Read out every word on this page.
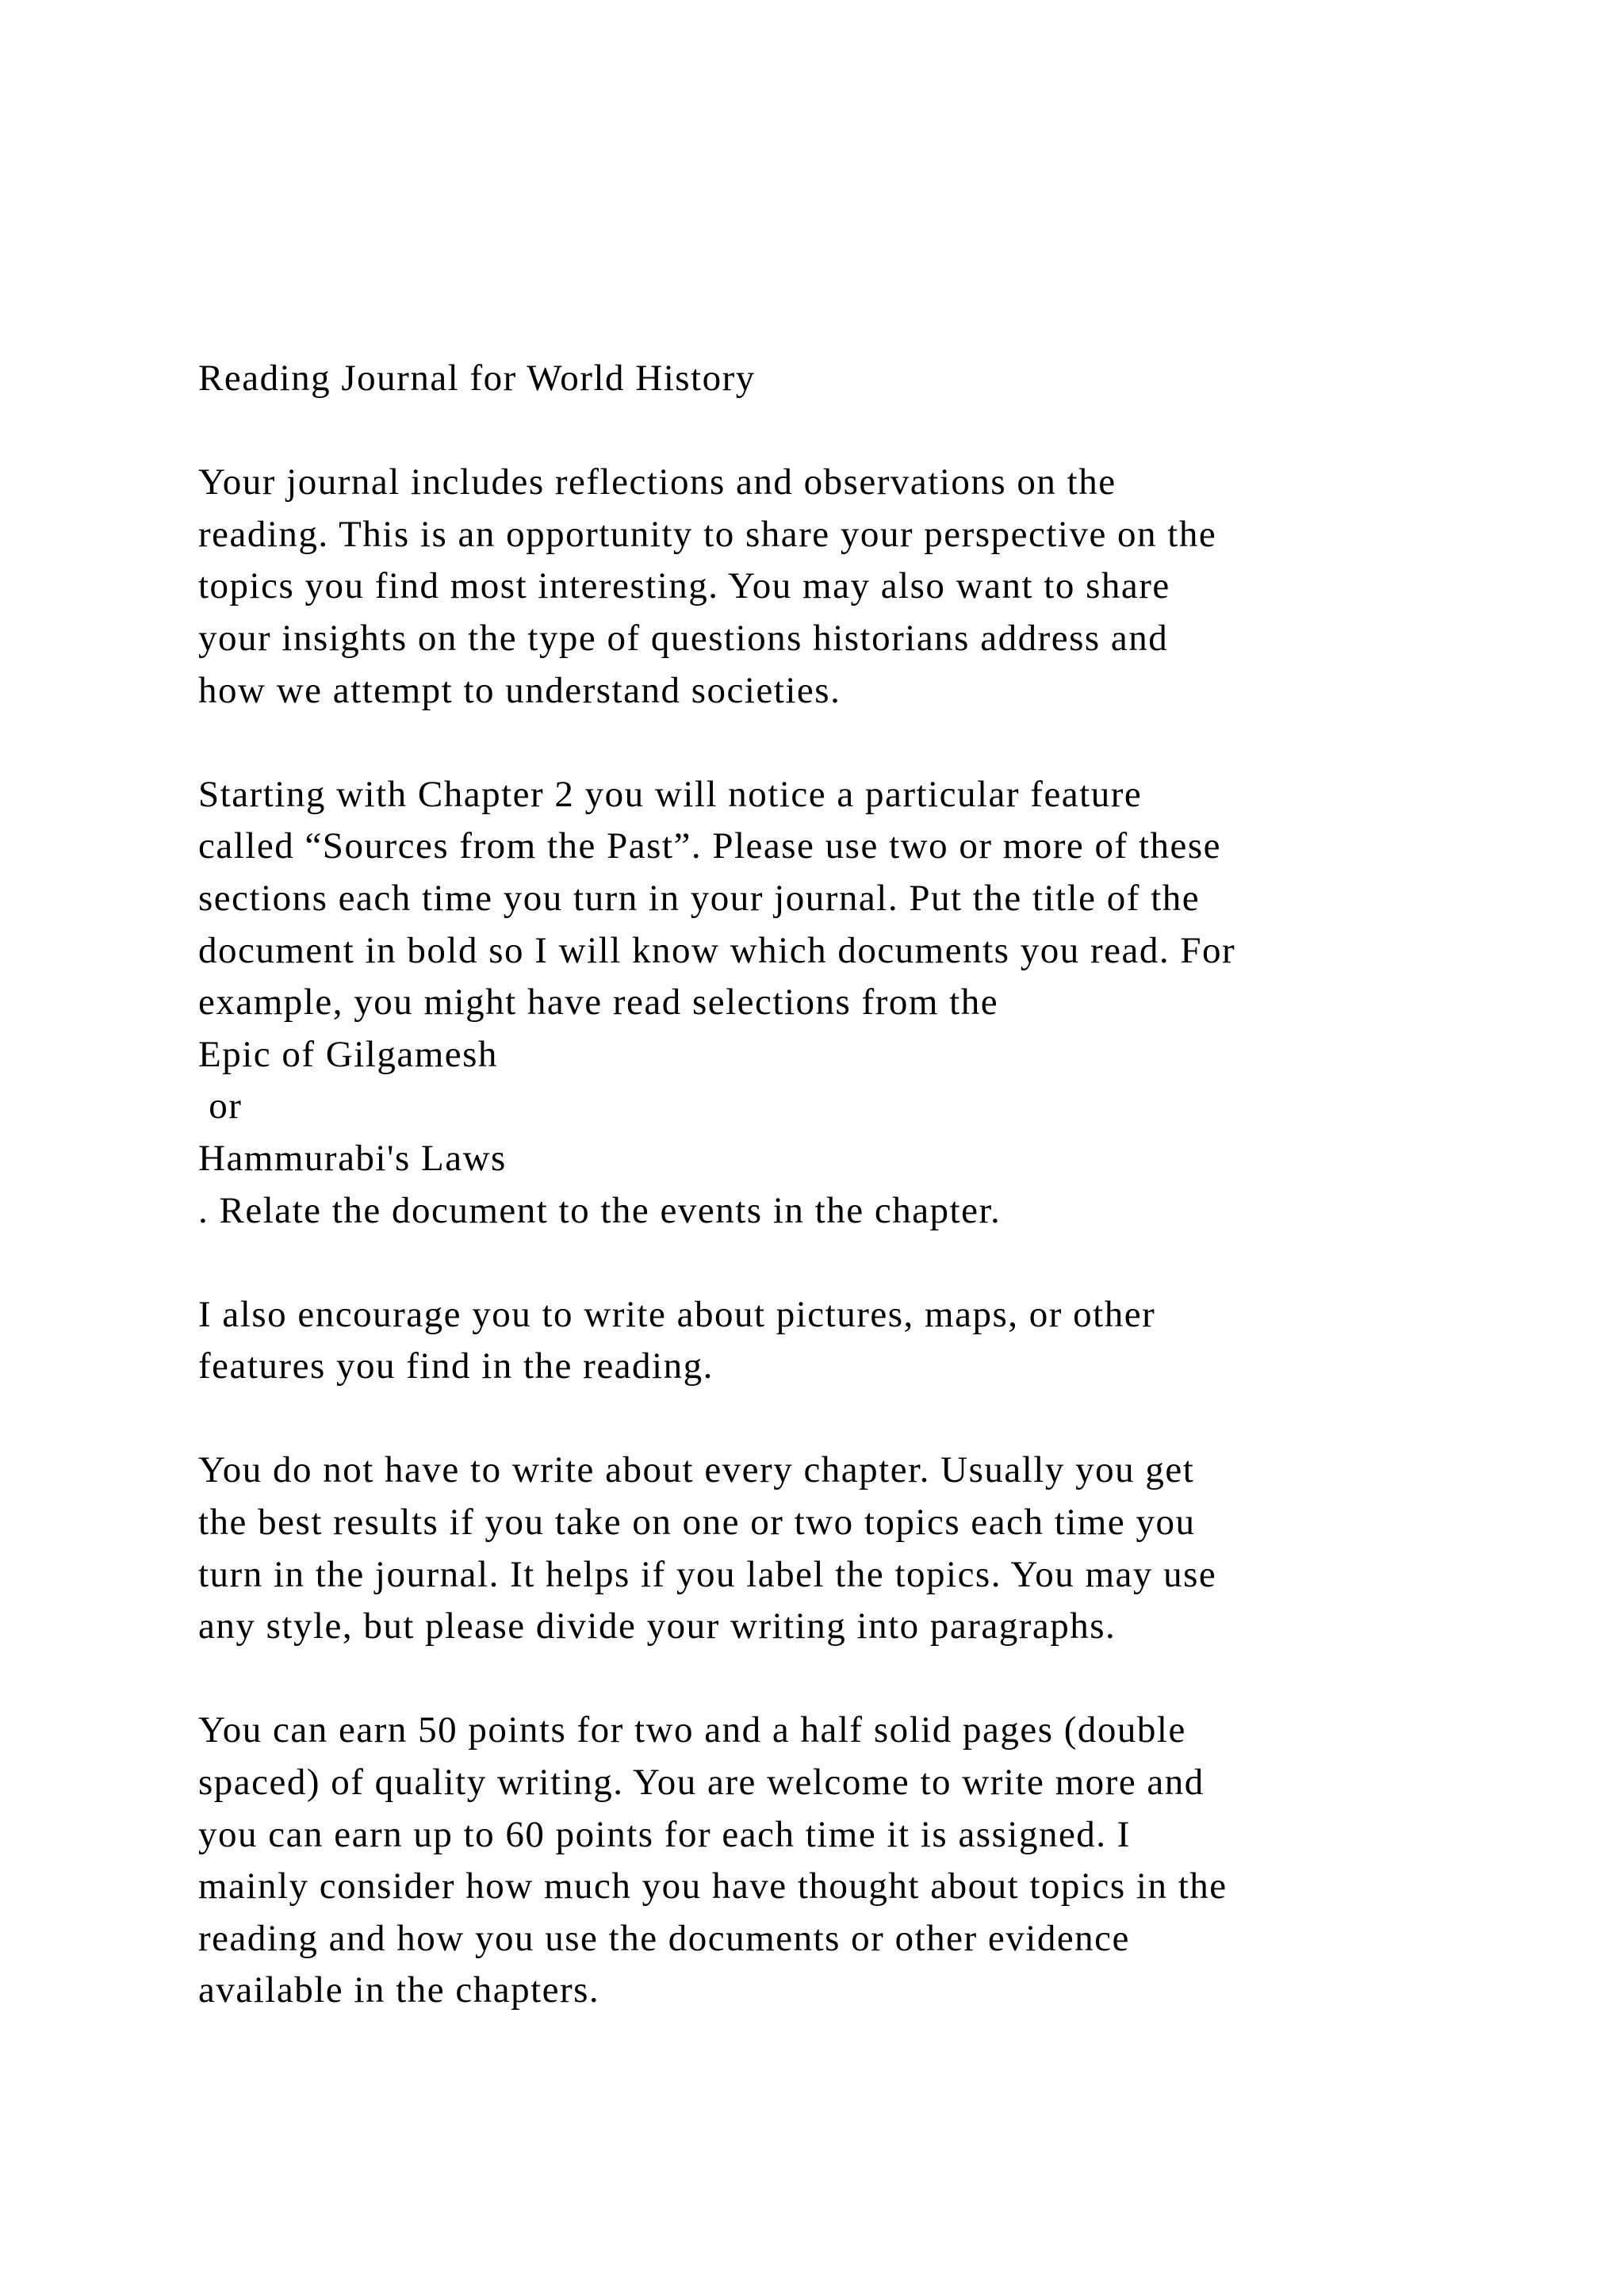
Reading Journal for World History
Your journal includes reflections and observations on the
reading. This is an opportunity to share your perspective on the
topics you find most interesting. You may also want to share
your insights on the type of questions historians address and
how we attempt to understand societies.
Starting with Chapter 2 you will notice a particular feature
called “Sources from the Past”. Please use two or more of these
sections each time you turn in your journal. Put the title of the
document in bold so I will know which documents you read. For
example, you might have read selections from the
Epic of Gilgamesh
or
Hammurabi's Laws
. Relate the document to the events in the chapter.
I also encourage you to write about pictures, maps, or other
features you find in the reading.
You do not have to write about every chapter. Usually you get
the best results if you take on one or two topics each time you
turn in the journal. It helps if you label the topics. You may use
any style, but please divide your writing into paragraphs.
You can earn 50 points for two and a half solid pages (double
spaced) of quality writing. You are welcome to write more and
you can earn up to 60 points for each time it is assigned. I
mainly consider how much you have thought about topics in the
reading and how you use the documents or other evidence
available in the chapters.
